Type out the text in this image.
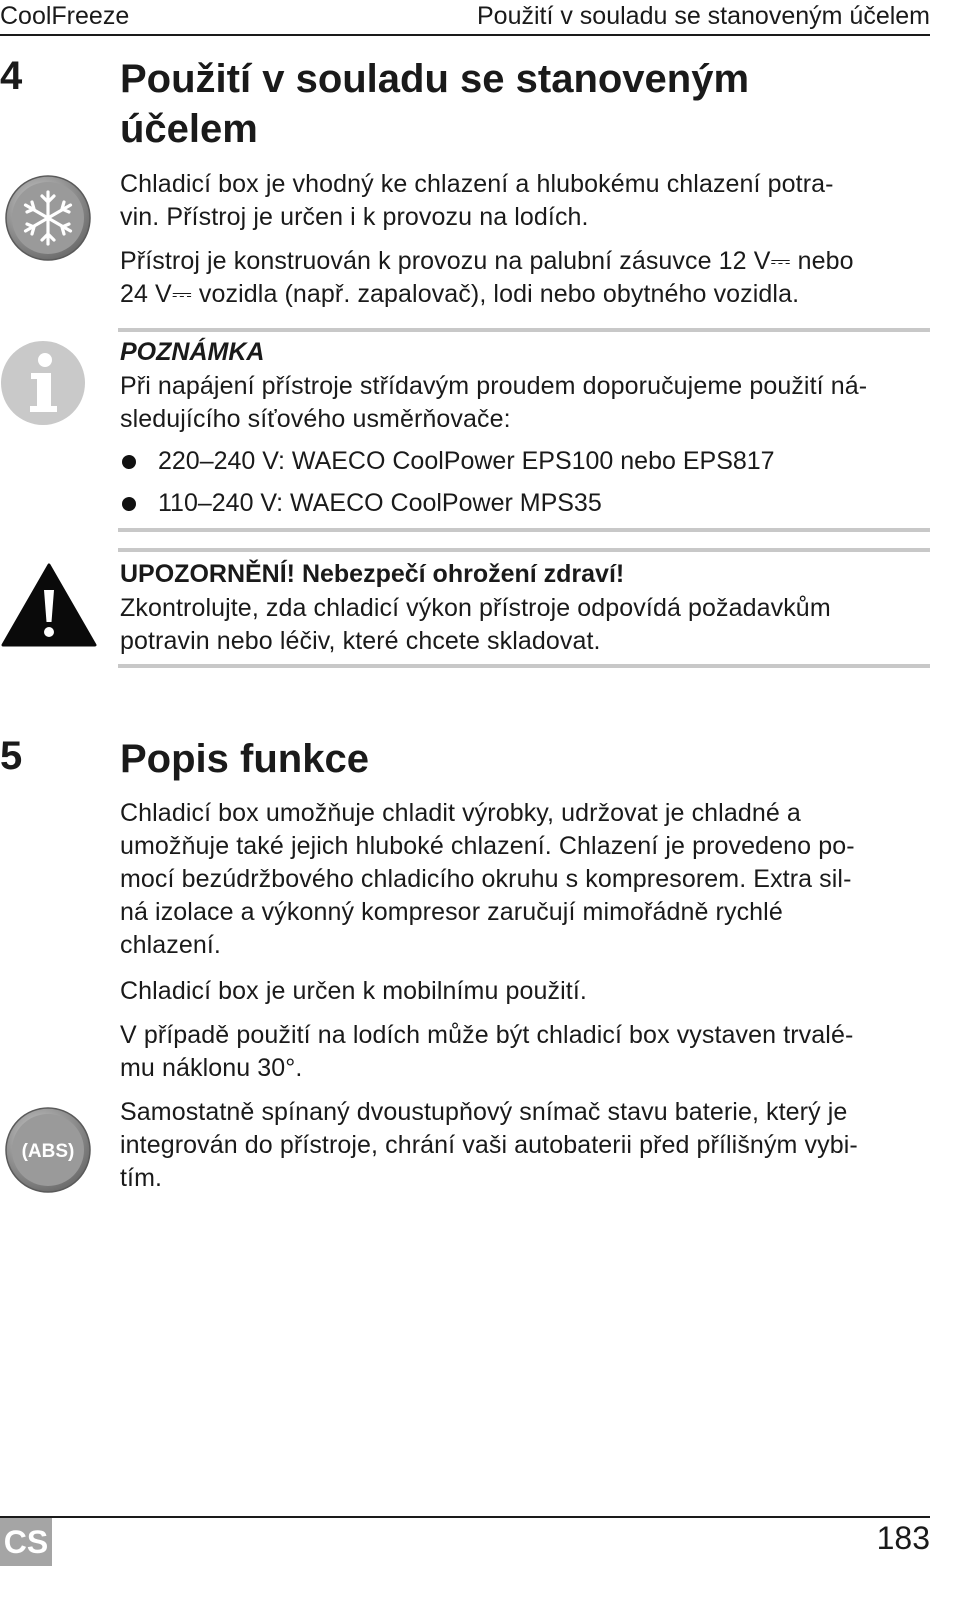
CoolFreeze	Použití v souladu se stanoveným účelem
4 Použití v souladu se stanoveným
účelem
Chladicí box je vhodný ke chlazení a hlubokému chlazení potra-
vin. Přístroj je určen i k provozu na lodích.
Přístroj je konstruován k provozu na palubní zásuvce 12 V⎓ nebo
24 V⎓ vozidla (např. zapalovač), lodi nebo obytného vozidla.
POZNÁMKA
Při napájení přístroje střídavým proudem doporučujeme použití ná-
sledujícího síťového usměrňovače:
220–240 V: WAECO CoolPower EPS100 nebo EPS817
110–240 V: WAECO CoolPower MPS35
UPOZORNĚNÍ! Nebezpečí ohrožení zdraví!
Zkontrolujte, zda chladicí výkon přístroje odpovídá požadavkům
potravin nebo léčiv, které chcete skladovat.
5 Popis funkce
Chladicí box umožňuje chladit výrobky, udržovat je chladné a
umožňuje také jejich hluboké chlazení. Chlazení je provedeno po-
mocí bezúdržbového chladicího okruhu s kompresorem. Extra sil-
ná izolace a výkonný kompresor zaručují mimořádně rychlé
chlazení.
Chladicí box je určen k mobilnímu použití.
V případě použití na lodích může být chladicí box vystaven trvalé-
mu náklonu 30°.
(ABS)
Samostatně spínaný dvoustupňový snímač stavu baterie, který je
integrován do přístroje, chrání vaši autobaterii před přílišným vybi-
tím.
CS	183
